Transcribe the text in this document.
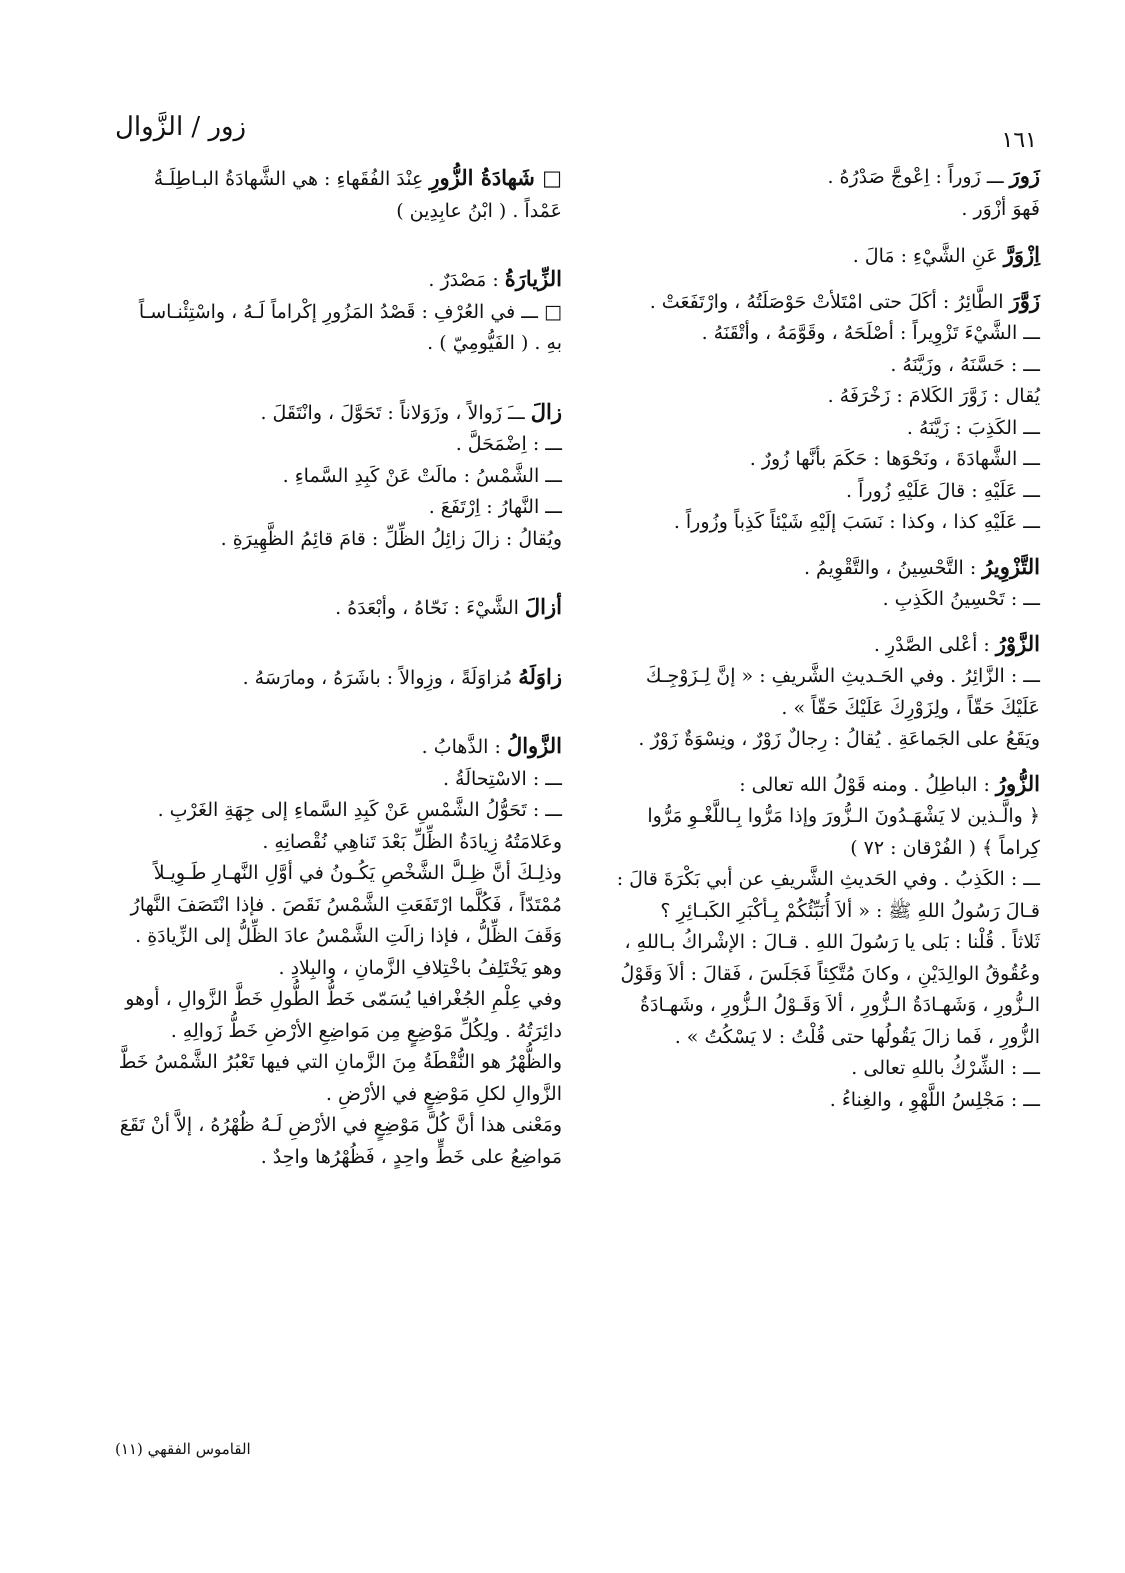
١٦١
زور / الزَّوال
زَورَ ـــ زَوراً : اِعْوجَّ صَدْرُهُ .
فَهوَ أزْوَر .
اِزْوَرَّ عَنِ الشَّيْءِ : مَالَ .
زَوَّرَ الطَّائِرُ : أكَلَ حتى امْتَلأتْ حَوْصَلَتُهُ ، وارْتَفَعَتْ .
ـــ الشَّيْءَ تَزْوِيراً : أصْلَحَهُ ، وقَوَّمَهُ ، وأتْقَنَهُ .
ـــ : حَسَّنَهُ ، وزَيَّنَهُ .
يُقال : زَوَّرَ الكَلامَ : زَخْرَفَهُ .
ـــ الكَذِبَ : زَيَّنَهُ .
ـــ الشَّهادَةَ ، ونَحْوَها : حَكَمَ بأنَّها زُورٌ .
ـــ عَلَيْهِ : قالَ عَلَيْهِ زُوراً .
ـــ عَلَيْهِ كذا ، وكذا : نَسَبَ إلَيْهِ شَيْئاً كَذِباً وزُوراً .
التَّزْوِيرُ : التَّحْسِينُ ، والتَّقْوِيمُ .
ـــ : تَحْسِينُ الكَذِبِ .
الزَّوْرُ : أعْلى الصَّدْرِ .
ـــ : الزَّائِرُ . وفي الحَـديثِ الشَّريفِ : « إنَّ لِـزَوْجِـكَ
عَلَيْكَ حَقّاً ، ولِزَوْرِكَ عَلَيْكَ حَقّاً » .
ويَقَعُ على الجَماعَةِ . يُقالُ : رِجالٌ زَوْرٌ ، ونِسْوَةٌ زَوْرٌ .
الزُّورُ : الباطِلُ . ومنه قَوْلُ الله تعالى :
﴿ والَّـذين لا يَشْهَـدُونَ الـزُّورَ وإذا مَرُّوا بِـاللَّغْـوِ مَرُّوا
كِراماً ﴾ ( الفُرْقان : ٧٢ )
ـــ : الكَذِبُ . وفي الحَديثِ الشَّريفِ عن أبي بَكْرَةَ قالَ :
قـالَ رَسُولُ اللهِ ﷺ : « ألاَ أُنَبِّئُكُمْ بِـأكْبَرِ الكَبـائِرِ ؟
ثَلاثاً . قُلْنا : بَلى يا رَسُولَ اللهِ . قـالَ : الإشْراكُ بـاللهِ ،
وعُقُوقُ الوالِدَيْنِ ، وكانَ مُتَّكِئاً فَجَلَسَ ، فَقالَ : ألاَ وَقَوْلُ
الـزُّورِ ، وَشَهـادَةُ الـزُّورِ ، ألاَ وَقَـوْلُ الـزُّورِ ، وشَهـادَةُ
الزُّورِ ، فَما زالَ يَقُولُها حتى قُلْتُ : لا يَسْكُتُ » .
ـــ : الشِّرْكُ باللهِ تعالى .
ـــ : مَجْلِسُ اللَّهْوِ ، والغِناءُ .
□ شَهادَةُ الزُّورِ عِنْدَ الفُقَهاءِ : هي الشَّهادَةُ البـاطِلَـةُ
عَمْداً . ( ابْنُ عابِدِين )
الزِّيارَةُ : مَصْدَرٌ .
□ ـــ في العُرْفِ : قَصْدُ المَزُورِ إكْراماً لَـهُ ، واسْتِئْنـاسـاً
بهِ . ( الفَيُّومِيّ ) .
زالَ ـــَ زَوالاً ، وزَوَلاناً : تَحَوَّلَ ، وانْتَقَلَ .
ـــ : اِضْمَحَلَّ .
ـــ الشَّمْسُ : مالَتْ عَنْ كَبِدِ السَّماءِ .
ـــ النَّهارُ : اِرْتَفَعَ .
ويُقالُ : زالَ زائِلُ الظِّلِّ : قامَ قائِمُ الظَّهِيرَةِ .
أزالَ الشَّيْءَ : نَحّاهُ ، وأبْعَدَهُ .
زاوَلَهُ مُزاوَلَةً ، وزِوالاً : باشَرَهُ ، ومارَسَهُ .
الزَّوالُ : الذَّهابُ .
ـــ : الاسْتِحالَةُ .
ـــ : تَحَوُّلُ الشَّمْسِ عَنْ كَبِدِ السَّماءِ إلى جِهَةِ الغَرْبِ .
وعَلامَتُهُ زِيادَةُ الظِّلِّ بَعْدَ تَناهِي نُقْصانِهِ .
وذلِـكَ أنَّ ظِـلَّ الشَّخْصِ يَكُـونُ في أوَّلِ النَّهـارِ طَـوِيـلاً
مُمْتَدّاً ، فَكُلَّما ارْتَفَعَتِ الشَّمْسُ نَقَصَ . فإذا انْتَصَفَ النَّهارُ
وَقَفَ الظِّلُّ ، فإذا زالَتِ الشَّمْسُ عادَ الظِّلُّ إلى الزِّيادَةِ .
وهو يَخْتَلِفُ باخْتِلافِ الزَّمانِ ، والبِلادِ .
وفي عِلْمِ الجُغْرافيا يُسَمّى خَطُّ الطُّولِ خَطَّ الزَّوالِ ، أوهو
دائِرَتُهُ . ولِكُلِّ مَوْضِعٍ مِن مَواضِعِ الأرْضِ خَطُّ زَوالِهِ .
والظُّهْرُ هو النُّقْطَةُ مِنَ الزَّمانِ التي فيها تَعْبُرُ الشَّمْسُ خَطَّ
الزَّوالِ لكلِ مَوْضِعٍ في الأرْضِ .
ومَعْنى هذا أنَّ كُلَّ مَوْضِعٍ في الأرْضِ لَـهُ ظُهْرُهُ ، إلاَّ أنْ تَقَعَ
مَواضِعُ على خَطٍّ واحِدٍ ، فَظُهْرُها واحِدٌ .
القاموس الفقهي (١١)
